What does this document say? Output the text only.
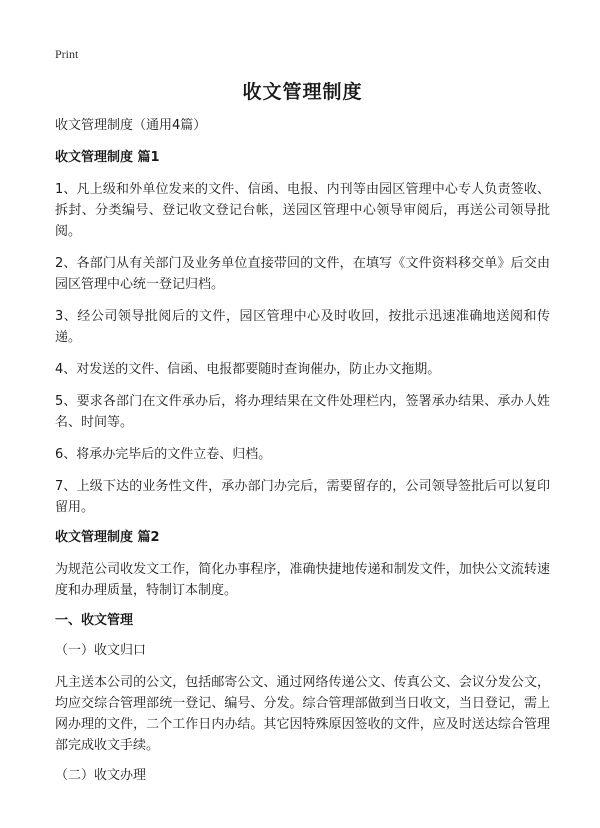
Print
收文管理制度
收文管理制度（通用4篇）
收文管理制度 篇1

1、凡上级和外单位发来的文件、信函、电报、内刊等由园区管理中心专人负责签收、拆封、分类编号、登记收文登记台帐，送园区管理中心领导审阅后，再送公司领导批阅。

2、各部门从有关部门及业务单位直接带回的文件，在填写《文件资料移交单》后交由园区管理中心统一登记归档。

3、经公司领导批阅后的文件，园区管理中心及时收回，按批示迅速准确地送阅和传递。

4、对发送的文件、信函、电报都要随时查询催办，防止办文拖期。

5、要求各部门在文件承办后，将办理结果在文件处理栏内，签署承办结果、承办人姓名、时间等。

6、将承办完毕后的文件立卷、归档。

7、上级下达的业务性文件，承办部门办完后，需要留存的，公司领导签批后可以复印留用。

收文管理制度 篇2

为规范公司收发文工作，简化办事程序，准确快捷地传递和制发文件，加快公文流转速度和办理质量，特制订本制度。

一、收文管理
（一）收文归口

凡主送本公司的公文，包括邮寄公文、通过网络传递公文、传真公文、会议分发公文，均应交综合管理部统一登记、编号、分发。综合管理部做到当日收文，当日登记，需上网办理的文件，二个工作日内办结。其它因特殊原因签收的文件，应及时送达综合管理部完成收文手续。

（二）收文办理
